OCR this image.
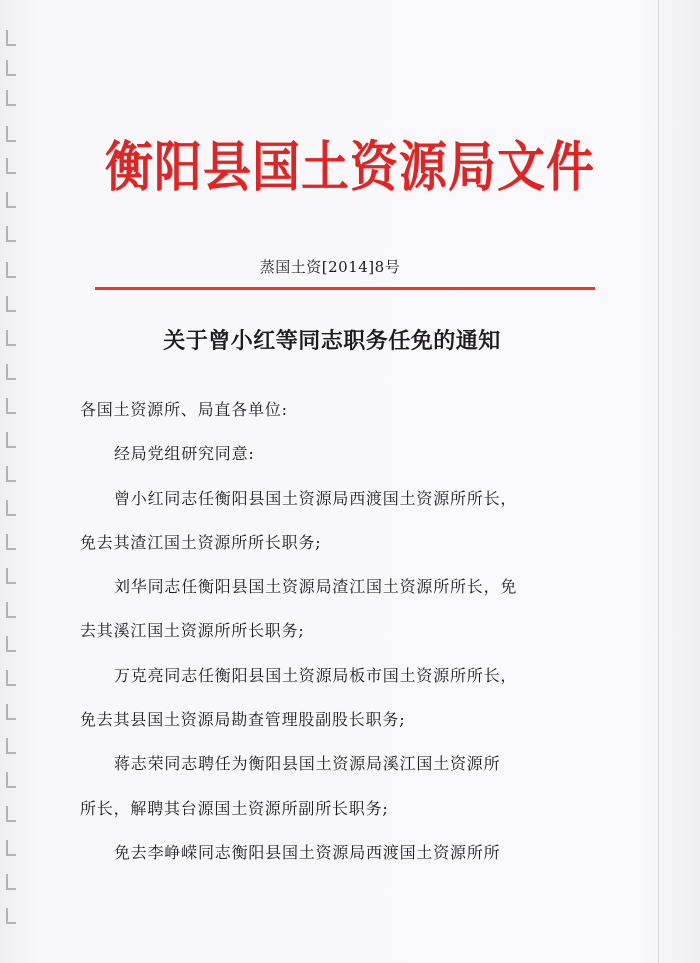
衡阳县国土资源局文件
蒸国土资[2014]8号
关于曾小红等同志职务任免的通知
各国土资源所、局直各单位:
经局党组研究同意:
曾小红同志任衡阳县国土资源局西渡国土资源所所长，
免去其渣江国土资源所所长职务;
刘华同志任衡阳县国土资源局渣江国土资源所所长，免
去其溪江国土资源所所长职务;
万克亮同志任衡阳县国土资源局板市国土资源所所长，
免去其县国土资源局勘查管理股副股长职务;
蒋志荣同志聘任为衡阳县国土资源局溪江国土资源所
所长，解聘其台源国土资源所副所长职务;
免去李峥嵘同志衡阳县国土资源局西渡国土资源所所
